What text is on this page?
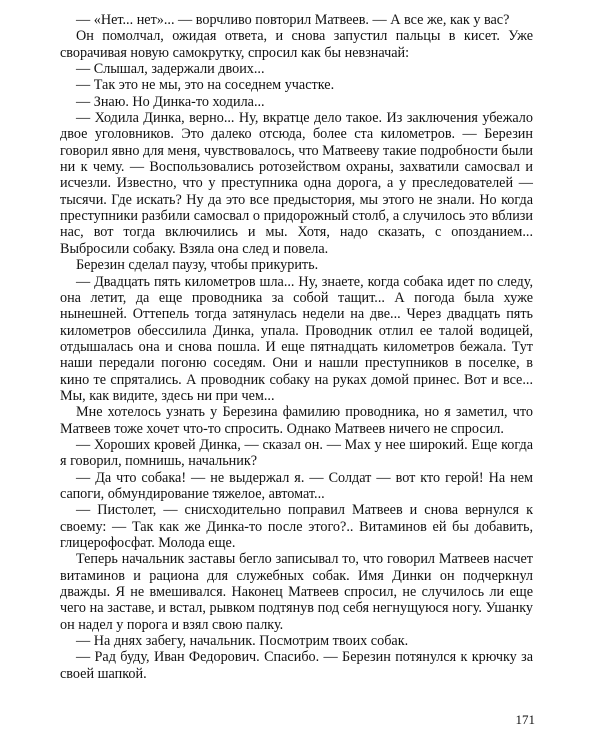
— «Нет... нет»... — ворчливо повторил Матвеев. — А все же, как у вас?

Он помолчал, ожидая ответа, и снова запустил пальцы в кисет. Уже сворачивая новую самокрутку, спросил как бы невзначай:

— Слышал, задержали двоих...

— Так это не мы, это на соседнем участке.

— Знаю. Но Динка-то ходила...

— Ходила Динка, верно... Ну, вкратце дело такое. Из заключения убежало двое уголовников. Это далеко отсюда, более ста километров. — Березин говорил явно для меня, чувствовалось, что Матвееву такие подробности были ни к чему. — Воспользовались ротозейством охраны, захватили самосвал и исчезли. Известно, что у преступника одна дорога, а у преследователей — тысячи. Где искать? Ну да это все предыстория, мы этого не знали. Но когда преступники разбили самосвал о придорожный столб, а случилось это вблизи нас, вот тогда включились и мы. Хотя, надо сказать, с опозданием... Выбросили собаку. Взяла она след и повела.

Березин сделал паузу, чтобы прикурить.

— Двадцать пять километров шла... Ну, знаете, когда собака идет по следу, она летит, да еще проводника за собой тащит... А погода была хуже нынешней. Оттепель тогда затянулась недели на две... Через двадцать пять километров обессилила Динка, упала. Проводник отлил ее талой водицей, отдышалась она и снова пошла. И еще пятнадцать километров бежала. Тут наши передали погоню соседям. Они и нашли преступников в поселке, в кино те спрятались. А проводник собаку на руках домой принес. Вот и все... Мы, как видите, здесь ни при чем...

Мне хотелось узнать у Березина фамилию проводника, но я заметил, что Матвеев тоже хочет что-то спросить. Однако Матвеев ничего не спросил.

— Хороших кровей Динка, — сказал он. — Мах у нее широкий. Еще когда я говорил, помнишь, начальник?

— Да что собака! — не выдержал я. — Солдат — вот кто герой! На нем сапоги, обмундирование тяжелое, автомат...

— Пистолет, — снисходительно поправил Матвеев и снова вернулся к своему: — Так как же Динка-то после этого?.. Витаминов ей бы добавить, глицерофосфат. Молода еще.

Теперь начальник заставы бегло записывал то, что говорил Матвеев насчет витаминов и рациона для служебных собак. Имя Динки он подчеркнул дважды. Я не вмешивался. Наконец Матвеев спросил, не случилось ли еще чего на заставе, и встал, рывком подтянув под себя негнущуюся ногу. Ушанку он надел у порога и взял свою палку.

— На днях забегу, начальник. Посмотрим твоих собак.

— Рад буду, Иван Федорович. Спасибо. — Березин потянулся к крючку за своей шапкой.

171
